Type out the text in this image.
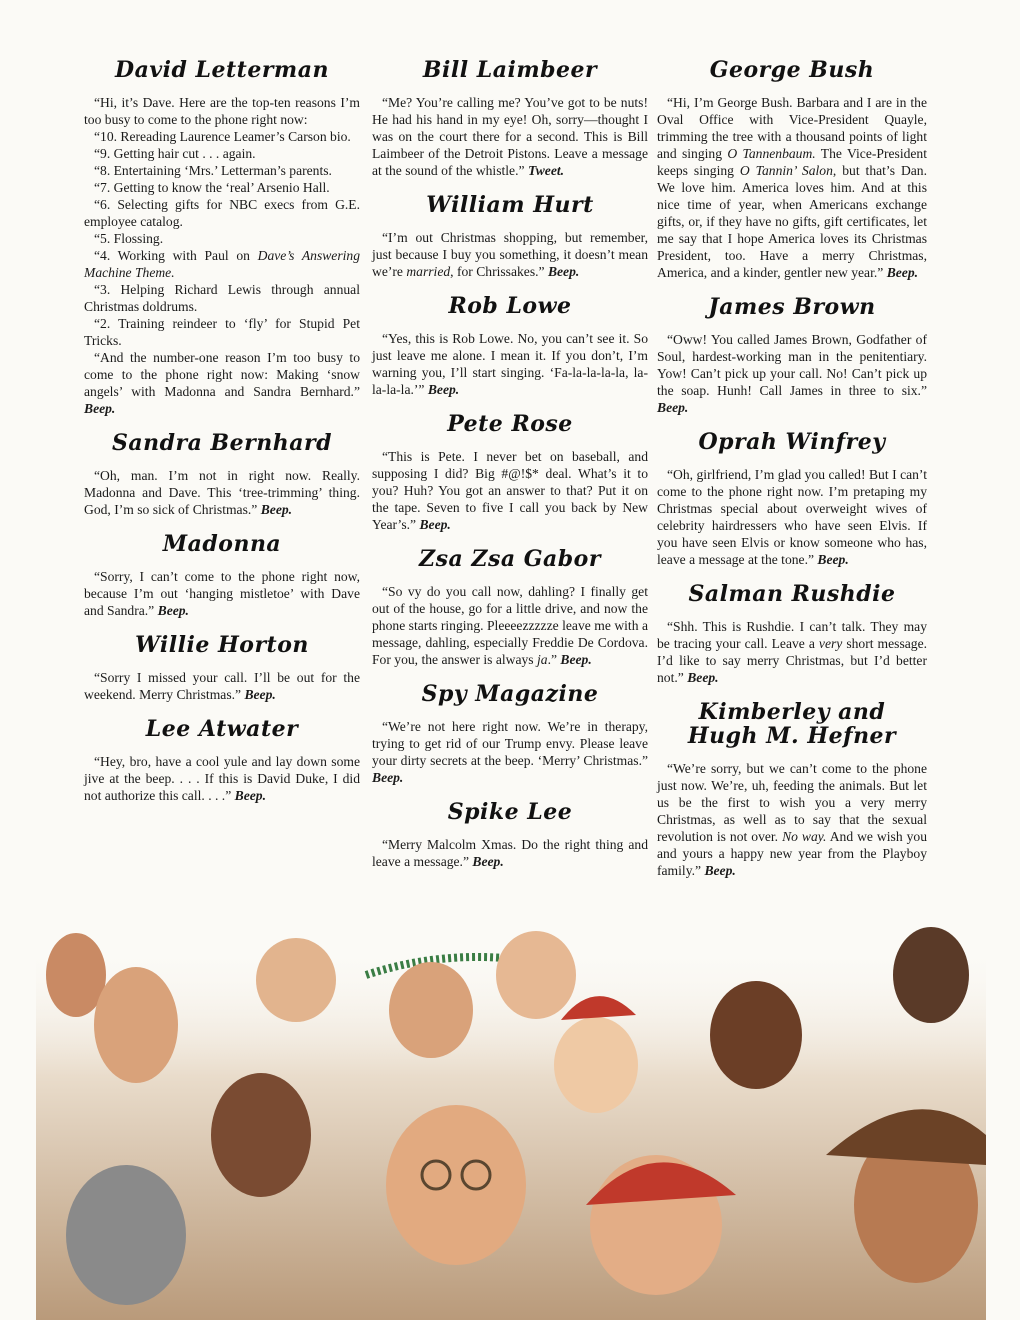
David Letterman

“Hi, it’s Dave. Here are the top-ten reasons I’m too busy to come to the phone right now:

“10. Rereading Laurence Leamer’s Carson bio.

“9. Getting hair cut . . . again.

“8. Entertaining ‘Mrs.’ Letterman’s parents.

“7. Getting to know the ‘real’ Arsenio Hall.

“6. Selecting gifts for NBC execs from G.E. employee catalog.

“5. Flossing.

“4. Working with Paul on Dave’s Answering Machine Theme.

“3. Helping Richard Lewis through annual Christmas doldrums.

“2. Training reindeer to ‘fly’ for Stupid Pet Tricks.

“And the number-one reason I’m too busy to come to the phone right now: Making ‘snow angels’ with Madonna and Sandra Bernhard.” Beep.

Sandra Bernhard

“Oh, man. I’m not in right now. Really. Madonna and Dave. This ‘tree-trimming’ thing. God, I’m so sick of Christmas.” Beep.

Madonna

“Sorry, I can’t come to the phone right now, because I’m out ‘hanging mistletoe’ with Dave and Sandra.” Beep.

Willie Horton

“Sorry I missed your call. I’ll be out for the weekend. Merry Christmas.” Beep.

Lee Atwater

“Hey, bro, have a cool yule and lay down some jive at the beep. . . . If this is David Duke, I did not authorize this call. . . .” Beep.

Bill Laimbeer

“Me? You’re calling me? You’ve got to be nuts! He had his hand in my eye! Oh, sorry—thought I was on the court there for a second. This is Bill Laimbeer of the Detroit Pistons. Leave a message at the sound of the whistle.” Tweet.

William Hurt

“I’m out Christmas shopping, but remember, just because I buy you something, it doesn’t mean we’re married, for Chrissakes.” Beep.

Rob Lowe

“Yes, this is Rob Lowe. No, you can’t see it. So just leave me alone. I mean it. If you don’t, I’m warning you, I’ll start singing. ‘Fa-la-la-la-la, la-la-la-la.’” Beep.

Pete Rose

“This is Pete. I never bet on baseball, and supposing I did? Big #@!$* deal. What’s it to you? Huh? You got an answer to that? Put it on the tape. Seven to five I call you back by New Year’s.” Beep.

Zsa Zsa Gabor

“So vy do you call now, dahling? I finally get out of the house, go for a little drive, and now the phone starts ringing. Pleeeezzzzze leave me with a message, dahling, especially Freddie De Cordova. For you, the answer is always ja.” Beep.

Spy Magazine

“We’re not here right now. We’re in therapy, trying to get rid of our Trump envy. Please leave your dirty secrets at the beep. ‘Merry’ Christmas.” Beep.

Spike Lee

“Merry Malcolm Xmas. Do the right thing and leave a message.” Beep.

George Bush

“Hi, I’m George Bush. Barbara and I are in the Oval Office with Vice-President Quayle, trimming the tree with a thousand points of light and singing O Tannenbaum. The Vice-President keeps singing O Tannin’ Salon, but that’s Dan. We love him. America loves him. And at this nice time of year, when Americans exchange gifts, or, if they have no gifts, gift certificates, let me say that I hope America loves its Christmas President, too. Have a merry Christmas, America, and a kinder, gentler new year.” Beep.

James Brown

“Oww! You called James Brown, Godfather of Soul, hardest-working man in the penitentiary. Yow! Can’t pick up your call. No! Can’t pick up the soap. Hunh! Call James in three to six.” Beep.

Oprah Winfrey

“Oh, girlfriend, I’m glad you called! But I can’t come to the phone right now. I’m pretaping my Christmas special about overweight wives of celebrity hairdressers who have seen Elvis. If you have seen Elvis or know someone who has, leave a message at the tone.” Beep.

Salman Rushdie

“Shh. This is Rushdie. I can’t talk. They may be tracing your call. Leave a very short message. I’d like to say merry Christmas, but I’d better not.” Beep.

Kimberley and
Hugh M. Hefner

“We’re sorry, but we can’t come to the phone just now. We’re, uh, feeding the animals. But let us be the first to wish you a very merry Christmas, as well as to say that the sexual revolution is not over. No way. And we wish you and yours a happy new year from the Playboy family.” Beep.
